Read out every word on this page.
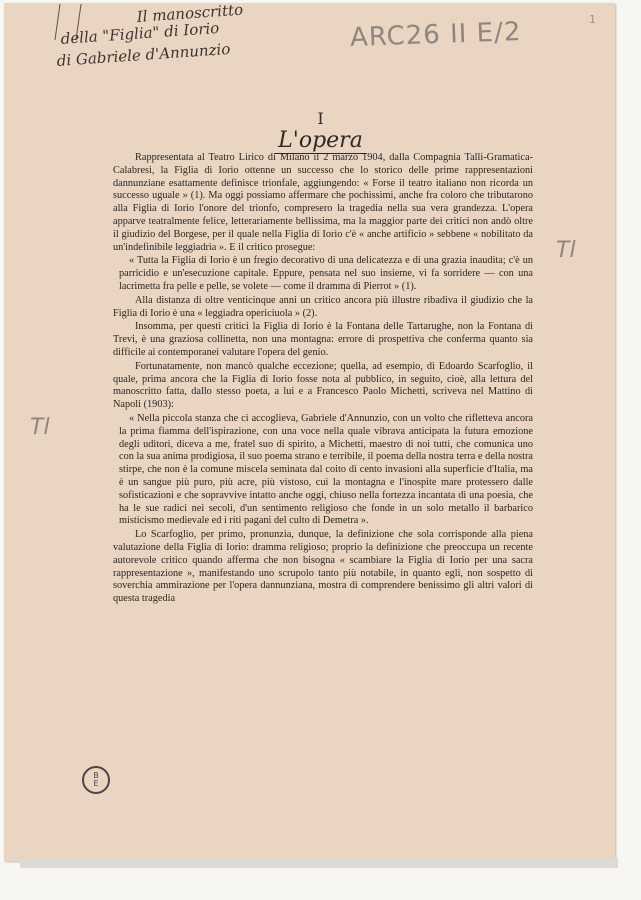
Il manoscritto
della "Figlia" di Iorio
di Gabriele d'Annunzio
ARC26 II E/2	1
Tl
Tl
I
L'opera

Rappresentata al Teatro Lirico di Milano il 2 marzo 1904, dalla Compagnia Talli-Gramatica-Calabresi, la Figlia di Iorio ottenne un successo che lo storico delle prime rappresentazioni dannunziane esattamente definisce trionfale, aggiungendo: « Forse il teatro italiano non ricorda un successo uguale » (1). Ma oggi possiamo affermare che pochissimi, anche fra coloro che tributarono alla Figlia di Iorio l'onore del trionfo, compresero la tragedia nella sua vera grandezza. L'opera apparve teatralmente felice, letterariamente bellissima, ma la maggior parte dei critici non andò oltre il giudizio del Borgese, per il quale nella Figlia di Iorio c'è « anche artificio » sebbene « nobilitato da un'indefinibile leggiadria ». E il critico prosegue:

« Tutta la Figlia di Iorio è un fregio decorativo di una delicatezza e di una grazia inaudita; c'è un parricidio e un'esecuzione capitale. Eppure, pensata nel suo insieme, vi fa sorridere — con una lacrimetta fra pelle e pelle, se volete — come il dramma di Pierrot » (1).

Alla distanza di oltre venticinque anni un critico ancora più illustre ribadiva il giudizio che la Figlia di Iorio è una « leggiadra opericiuola » (2).

Insomma, per questi critici la Figlia di Iorio è la Fontana delle Tartarughe, non la Fontana di Trevi, è una graziosa collinetta, non una montagna: errore di prospettiva che conferma quanto sia difficile ai contemporanei valutare l'opera del genio.

Fortunatamente, non mancò qualche eccezione; quella, ad esempio, di Edoardo Scarfoglio, il quale, prima ancora che la Figlia di Iorio fosse nota al pubblico, in seguito, cioè, alla lettura del manoscritto fatta, dallo stesso poeta, a lui e a Francesco Paolo Michetti, scriveva nel Mattino di Napoli (1903):

« Nella piccola stanza che ci accoglieva, Gabriele d'Annunzio, con un volto che rifletteva ancora la prima fiamma dell'ispirazione, con una voce nella quale vibrava anticipata la futura emozione degli uditori, diceva a me, fratel suo di spirito, a Michetti, maestro di noi tutti, che comunica uno con la sua anima prodigiosa, il suo poema strano e terribile, il poema della nostra terra e della nostra stirpe, che non è la comune miscela seminata dal coito di cento invasioni alla superficie d'Italia, ma è un sangue più puro, più acre, più vistoso, cui la montagna e l'inospite mare protessero dalle sofisticazioni e che sopravvive intatto anche oggi, chiuso nella fortezza incantata di una poesia, che ha le sue radici nei secoli, d'un sentimento religioso che fonde in un solo metallo il barbarico misticismo medievale ed i riti pagani del culto di Demetra ».

Lo Scarfoglio, per primo, pronunzia, dunque, la definizione che sola corrisponde alla piena valutazione della Figlia di Iorio: dramma religioso; proprio la definizione che preoccupa un recente autorevole critico quando afferma che non bisogna « scambiare la Figlia di Iorio per una sacra rappresentazione », manifestando uno scrupolo tanto più notabile, in quanto egli, non sospetto di soverchia ammirazione per l'opera dannunziana, mostra di comprendere benissimo gli altri valori di questa tragedia

B
E
